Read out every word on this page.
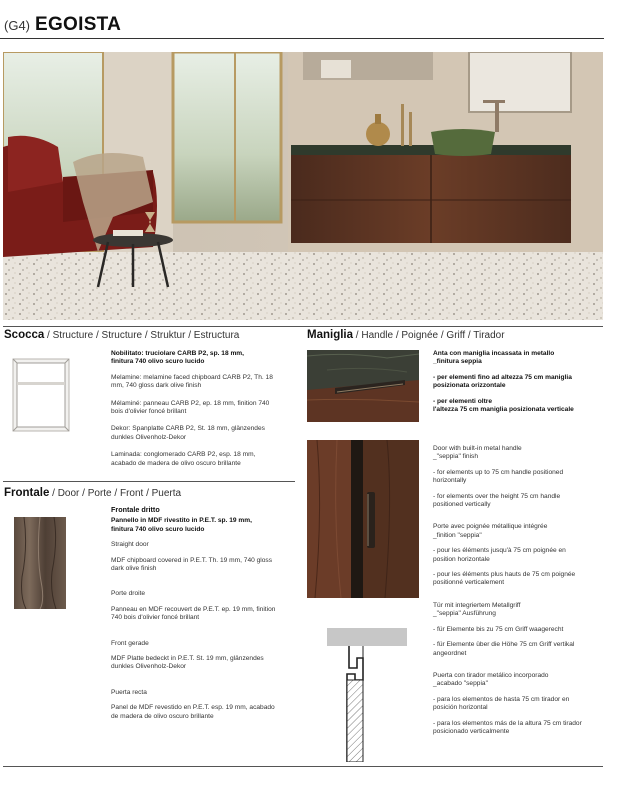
(G4) EGOISTA
Scocca / Structure / Structure / Struktur / Estructura

Nobilitato: truciolare CARB P2, sp. 18 mm,

finitura 740 olivo scuro lucido

Melamine: melamine faced chipboard CARB P2, Th. 18

mm, 740 gloss dark olive finish

Mélaminé: panneau CARB P2, ep. 18 mm, finition 740

bois d'olivier foncé brillant

Dekor: Spanplatte CARB P2, St. 18 mm, glänzendes

dunkles Olivenholz-Dekor

Laminada: conglomerado CARB P2, esp. 18 mm,

acabado de madera de olivo oscuro brillante

Frontale / Door / Porte / Front / Puerta

Frontale dritto

Pannello in MDF rivestito in P.E.T. sp. 19 mm,

finitura 740 olivo scuro lucido

Straight door

MDF chipboard covered in P.E.T. Th. 19 mm, 740 gloss

dark olive finish

Porte droite

Panneau en MDF recouvert de P.E.T. ep. 19 mm, finition

740 bois d'olivier foncé brillant

Front gerade

MDF Platte bedeckt in P.E.T. St. 19 mm, glänzendes

dunkles Olivenholz-Dekor

Puerta recta

Panel de MDF revestido en P.E.T. esp. 19 mm, acabado

de madera de olivo oscuro brillante

Maniglia / Handle / Poignée / Griff / Tirador

Anta con maniglia incassata in metallo

_finitura seppia

- per elementi fino ad altezza 75 cm maniglia

posizionata orizzontale

- per elementi oltre

l'altezza 75 cm maniglia posizionata verticale

Door with built-in metal handle

_"seppia" finish

- for elements up to 75 cm handle positioned

horizontally

- for elements over the height 75 cm handle

positioned vertically

Porte avec poignée métallique intégrée

_finition "seppia"

- pour les éléments jusqu'à 75 cm poignée en

position horizontale

- pour les éléments plus hauts de 75 cm poignée

positionné verticalement

Tür mit integriertem Metallgriff

_"seppia" Ausführung

- für Elemente bis zu 75 cm Griff waagerecht

- für Elemente über die Höhe 75 cm Griff vertikal

angeordnet

Puerta con tirador metálico incorporado

_acabado "seppia"

- para los elementos de hasta 75 cm tirador en

posición horizontal

- para los elementos más de la altura 75 cm tirador

posicionado verticalmente
